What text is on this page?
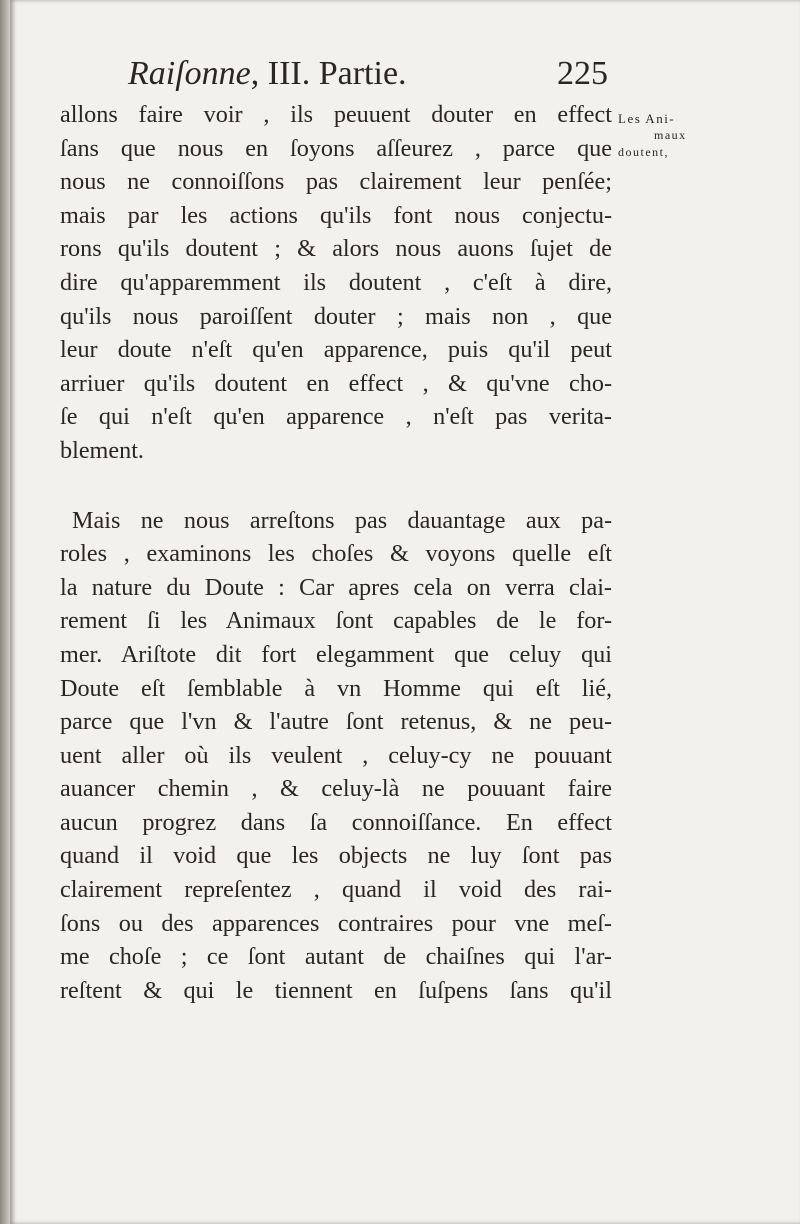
Raiſonne, III. Partie.	225
Les Ani-
maux
doutent,
allons faire voir , ils peuuent douter en effect
ſans que nous en ſoyons aſſeurez , parce que
nous ne connoiſſons pas clairement leur penſée;
mais par les actions qu'ils font nous conjectu-
rons qu'ils doutent ; & alors nous auons ſujet de
dire qu'apparemment ils doutent , c'eſt à dire,
qu'ils nous paroiſſent douter ; mais non , que
leur doute n'eſt qu'en apparence, puis qu'il peut
arriuer qu'ils doutent en effect , & qu'vne cho-
ſe qui n'eſt qu'en apparence , n'eſt pas verita-
blement.
Mais ne nous arreſtons pas dauantage aux pa-
roles , examinons les choſes & voyons quelle eſt
la nature du Doute : Car apres cela on verra clai-
rement ſi les Animaux ſont capables de le for-
mer. Ariſtote dit fort elegamment que celuy qui
Doute eſt ſemblable à vn Homme qui eſt lié,
parce que l'vn & l'autre ſont retenus, & ne peu-
uent aller où ils veulent , celuy-cy ne pouuant
auancer chemin , & celuy-là ne pouuant faire
aucun progrez dans ſa connoiſſance. En effect
quand il void que les objects ne luy ſont pas
clairement repreſentez , quand il void des rai-
ſons ou des apparences contraires pour vne meſ-
me choſe ; ce ſont autant de chaiſnes qui l'ar-
reſtent & qui le tiennent en ſuſpens ſans qu'il
